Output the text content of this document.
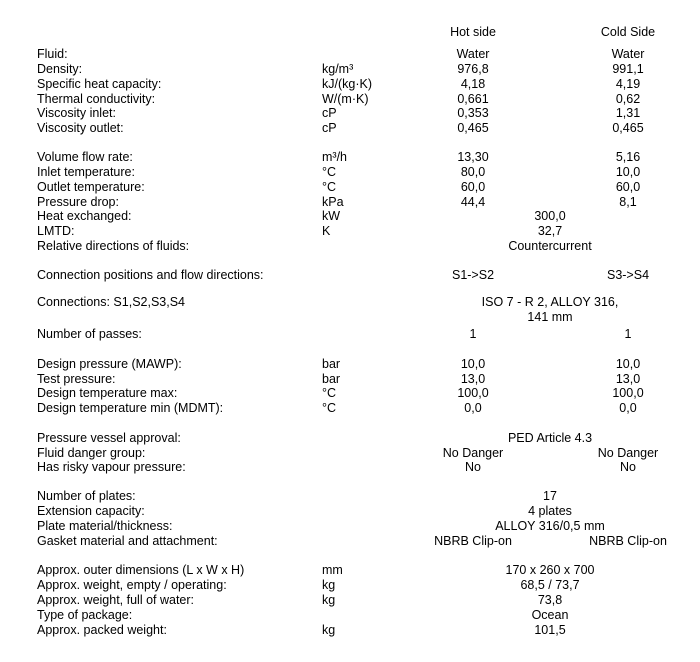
Hot side	Cold Side
Fluid:	Water	Water
Density:	kg/m³	976,8	991,1
Specific heat capacity:	kJ/(kg·K)	4,18	4,19
Thermal conductivity:	W/(m·K)	0,661	0,62
Viscosity inlet:	cP	0,353	1,31
Viscosity outlet:	cP	0,465	0,465
Volume flow rate:	m³/h	13,30	5,16
Inlet temperature:	°C	80,0	10,0
Outlet temperature:	°C	60,0	60,0
Pressure drop:	kPa	44,4	8,1
Heat exchanged:	kW	300,0
LMTD:	K	32,7
Relative directions of fluids:	Countercurrent
Connection positions and flow directions:	S1->S2	S3->S4
Connections: S1,S2,S3,S4	ISO 7 - R 2, ALLOY 316,
141 mm
Number of passes:	1	1
Design pressure (MAWP):	bar	10,0	10,0
Test pressure:	bar	13,0	13,0
Design temperature max:	°C	100,0	100,0
Design temperature min (MDMT):	°C	0,0	0,0
Pressure vessel approval:	PED Article 4.3
Fluid danger group:	No Danger	No Danger
Has risky vapour pressure:	No	No
Number of plates:	17
Extension capacity:	4 plates
Plate material/thickness:	ALLOY 316/0,5 mm
Gasket material and attachment:	NBRB Clip-on	NBRB Clip-on
Approx. outer dimensions (L x W x H)	mm	170 x 260 x 700
Approx. weight, empty / operating:	kg	68,5 / 73,7
Approx. weight, full of water:	kg	73,8
Type of package:	Ocean
Approx. packed weight:	kg	101,5
